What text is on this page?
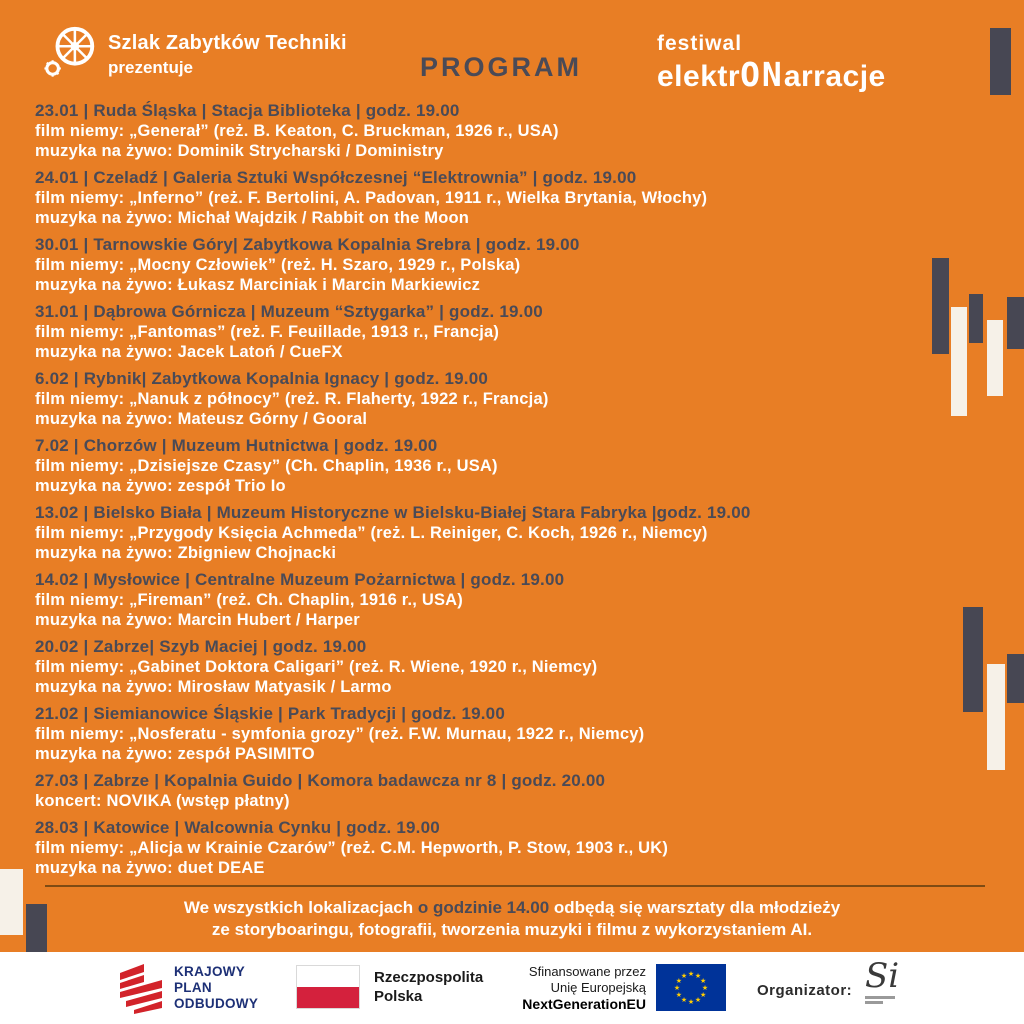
Szlak Zabytków Techniki
prezentuje	PROGRAM
festiwal
elektrONarracje
23.01 | Ruda Śląska | Stacja Biblioteka | godz. 19.00
film niemy: „Generał” (reż. B. Keaton, C. Bruckman, 1926 r., USA)
muzyka na żywo: Dominik Strycharski / Doministry
24.01 | Czeladź | Galeria Sztuki Współczesnej “Elektrownia” | godz. 19.00
film niemy: „Inferno” (reż. F. Bertolini, A. Padovan, 1911 r., Wielka Brytania, Włochy)
muzyka na żywo: Michał Wajdzik / Rabbit on the Moon
30.01 | Tarnowskie Góry| Zabytkowa Kopalnia Srebra | godz. 19.00
film niemy: „Mocny Człowiek” (reż. H. Szaro, 1929 r., Polska)
muzyka na żywo: Łukasz Marciniak i Marcin Markiewicz
31.01 | Dąbrowa Górnicza | Muzeum “Sztygarka” | godz. 19.00
film niemy: „Fantomas” (reż. F. Feuillade, 1913 r., Francja)
muzyka na żywo: Jacek Latoń / CueFX
6.02 | Rybnik| Zabytkowa Kopalnia Ignacy | godz. 19.00
film niemy: „Nanuk z północy” (reż. R. Flaherty, 1922 r., Francja)
muzyka na żywo: Mateusz Górny / Gooral
7.02 | Chorzów | Muzeum Hutnictwa | godz. 19.00
film niemy: „Dzisiejsze Czasy” (Ch. Chaplin, 1936 r., USA)
muzyka na żywo: zespół Trio Io
13.02 | Bielsko Biała | Muzeum Historyczne w Bielsku-Białej Stara Fabryka |godz. 19.00
film niemy: „Przygody Księcia Achmeda” (reż. L. Reiniger, C. Koch, 1926 r., Niemcy)
muzyka na żywo: Zbigniew Chojnacki
14.02 | Mysłowice | Centralne Muzeum Pożarnictwa | godz. 19.00
film niemy: „Fireman” (reż. Ch. Chaplin, 1916 r., USA)
muzyka na żywo: Marcin Hubert / Harper
20.02 | Zabrze| Szyb Maciej | godz. 19.00
film niemy: „Gabinet Doktora Caligari” (reż. R. Wiene, 1920 r., Niemcy)
muzyka na żywo: Mirosław Matyasik / Larmo
21.02 | Siemianowice Śląskie | Park Tradycji | godz. 19.00
film niemy: „Nosferatu - symfonia grozy” (reż. F.W. Murnau, 1922 r., Niemcy)
muzyka na żywo: zespół PASIMITO
27.03 | Zabrze | Kopalnia Guido | Komora badawcza nr 8 | godz. 20.00
koncert: NOVIKA (wstęp płatny)
28.03 | Katowice | Walcownia Cynku | godz. 19.00
film niemy: „Alicja w Krainie Czarów” (reż. C.M. Hepworth, P. Stow, 1903 r., UK)
muzyka na żywo: duet DEAE
We wszystkich lokalizacjach o godzinie 14.00 odbędą się warsztaty dla młodzieży
ze storyboaringu, fotografii, tworzenia muzyki i filmu z wykorzystaniem AI.
KRAJOWY
PLAN
ODBUDOWY
Rzeczpospolita
Polska
Sfinansowane przez
Unię Europejską
NextGenerationEU
★ ★
★
★
★
★
★
★
★
★
★
★
Organizator: Si
